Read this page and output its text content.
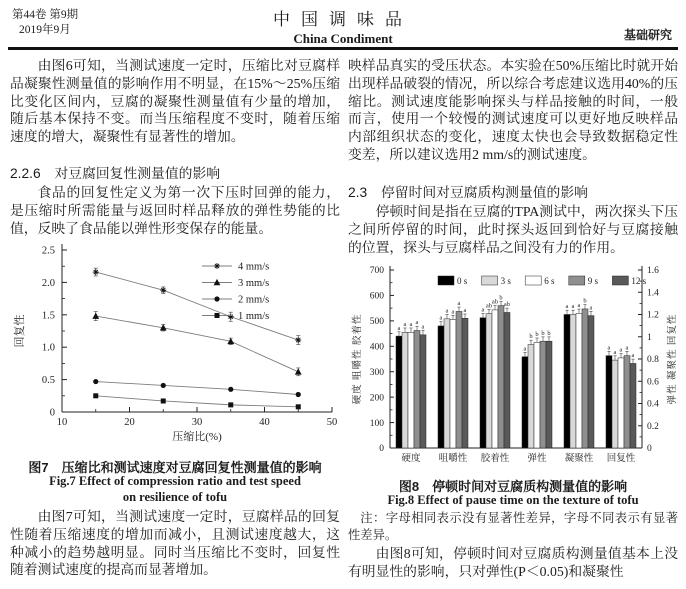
第44卷 第9期
2019年9月
中国调味品
China Condiment	基础研究

由图6可知，当测试速度一定时，压缩比对豆腐样品凝聚性测量值的影响作用不明显，在15%～25%压缩比变化区间内，豆腐的凝聚性测量值有少量的增加，随后基本保持不变。而当压缩程度不变时，随着压缩速度的增大，凝聚性有显著性的增加。

2.2.6　对豆腐回复性测量值的影响

食品的回复性定义为第一次下压时回弹的能力，是压缩时所需能量与返回时样品释放的弹性势能的比值，反映了食品能以弹性形变保存的能量。

0
0.5
1.0
1.5
2.0
2.5
10	20	30	40	50
压缩比(%)
回复性
4 mm/s
3 mm/s
2 mm/s
1 mm/s

图7　压缩比和测试速度对豆腐回复性测量值的影响

Fig.7 Effect of compression ratio and test speed

on resilience of tofu

由图7可知，当测试速度一定时，豆腐样品的回复性随着压缩速度的增加而减小，且测试速度越大，这种减小的趋势越明显。同时当压缩比不变时，回复性随着测试速度的提高而显著增加。

映样品真实的受压状态。本实验在50%压缩比时就开始出现样品破裂的情况，所以综合考虑建议选用40%的压缩比。测试速度能影响探头与样品接触的时间，一般而言，使用一个较慢的测试速度可以更好地反映样品内部组织状态的变化，速度太快也会导致数据稳定性变差，所以建议选用2 mm/s的测试速度。

2.3　停留时间对豆腐质构测量值的影响

停顿时间是指在豆腐的TPA测试中，两次探头下压之间所停留的时间，此时探头返回到恰好与豆腐接触的位置，探头与豆腐样品之间没有力的作用。

0
100
200
300
400
500
600
700
0
0.2
0.4
0.6
0.8
1
1.2
1.4
1.6
a
a a a
a
硬度
a
a a
a
a
咀嚼性
a
ab
ab
b
ab
胶着性
a
b b b b
弹性
a a a
b
a
凝聚性
a
a a a
a
回复性
0 s	3 s	6 s	9 s	12 s
硬度 咀嚼性 胶着性	弹性 凝聚性 回复性

图8　停顿时间对豆腐质构测量值的影响

Fig.8 Effect of pause time on the texture of tofu

注：字母相同表示没有显著性差异，字母不同表示有显著性差异。

由图8可知，停顿时间对豆腐质构测量值基本上没有明显性的影响，只对弹性(P＜0.05)和凝聚性
